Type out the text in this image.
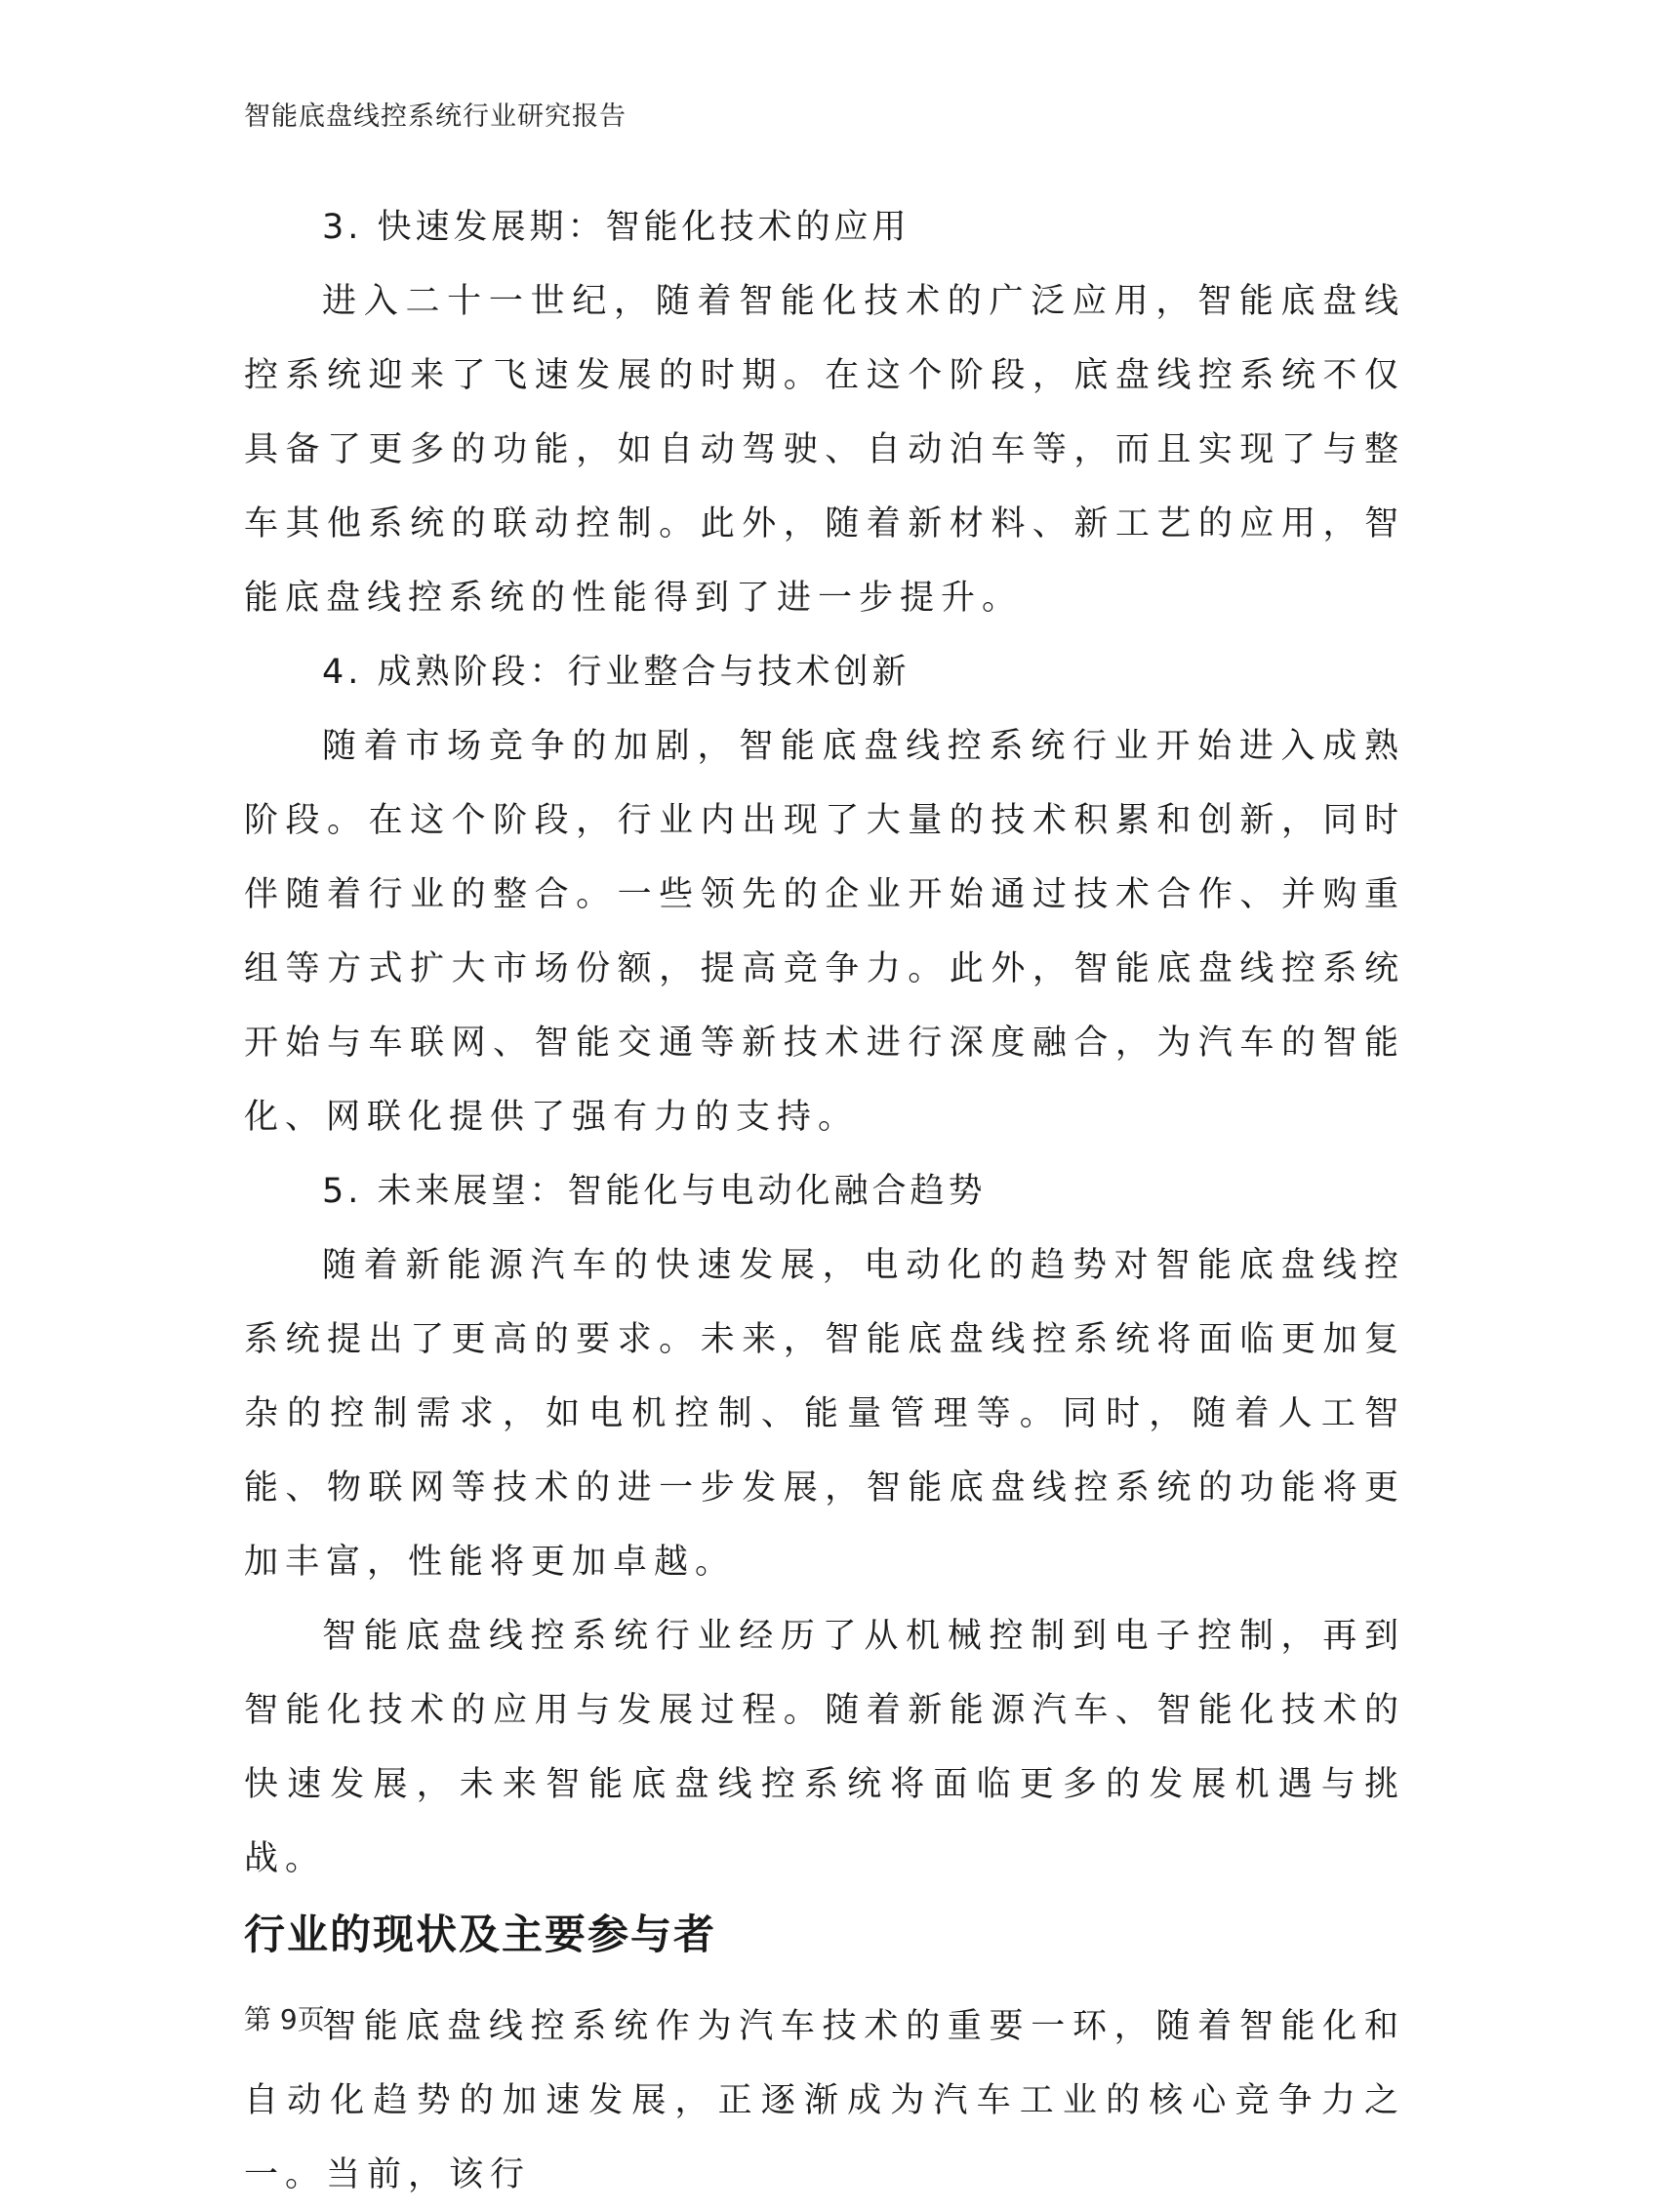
智能底盘线控系统行业研究报告

3. 快速发展期：智能化技术的应用

进入二十一世纪，随着智能化技术的广泛应用，智能底盘线控系统迎来了飞速发展的时期。在这个阶段，底盘线控系统不仅具备了更多的功能，如自动驾驶、自动泊车等，而且实现了与整车其他系统的联动控制。此外，随着新材料、新工艺的应用，智能底盘线控系统的性能得到了进一步提升。

4. 成熟阶段：行业整合与技术创新

随着市场竞争的加剧，智能底盘线控系统行业开始进入成熟阶段。在这个阶段，行业内出现了大量的技术积累和创新，同时伴随着行业的整合。一些领先的企业开始通过技术合作、并购重组等方式扩大市场份额，提高竞争力。此外，智能底盘线控系统开始与车联网、智能交通等新技术进行深度融合，为汽车的智能化、网联化提供了强有力的支持。

5. 未来展望：智能化与电动化融合趋势

随着新能源汽车的快速发展，电动化的趋势对智能底盘线控系统提出了更高的要求。未来，智能底盘线控系统将面临更加复杂的控制需求，如电机控制、能量管理等。同时，随着人工智能、物联网等技术的进一步发展，智能底盘线控系统的功能将更加丰富，性能将更加卓越。

智能底盘线控系统行业经历了从机械控制到电子控制，再到智能化技术的应用与发展过程。随着新能源汽车、智能化技术的快速发展，未来智能底盘线控系统将面临更多的发展机遇与挑战。

行业的现状及主要参与者

智能底盘线控系统作为汽车技术的重要一环，随着智能化和自动化趋势的加速发展，正逐渐成为汽车工业的核心竞争力之一。当前，该行

第 9页
